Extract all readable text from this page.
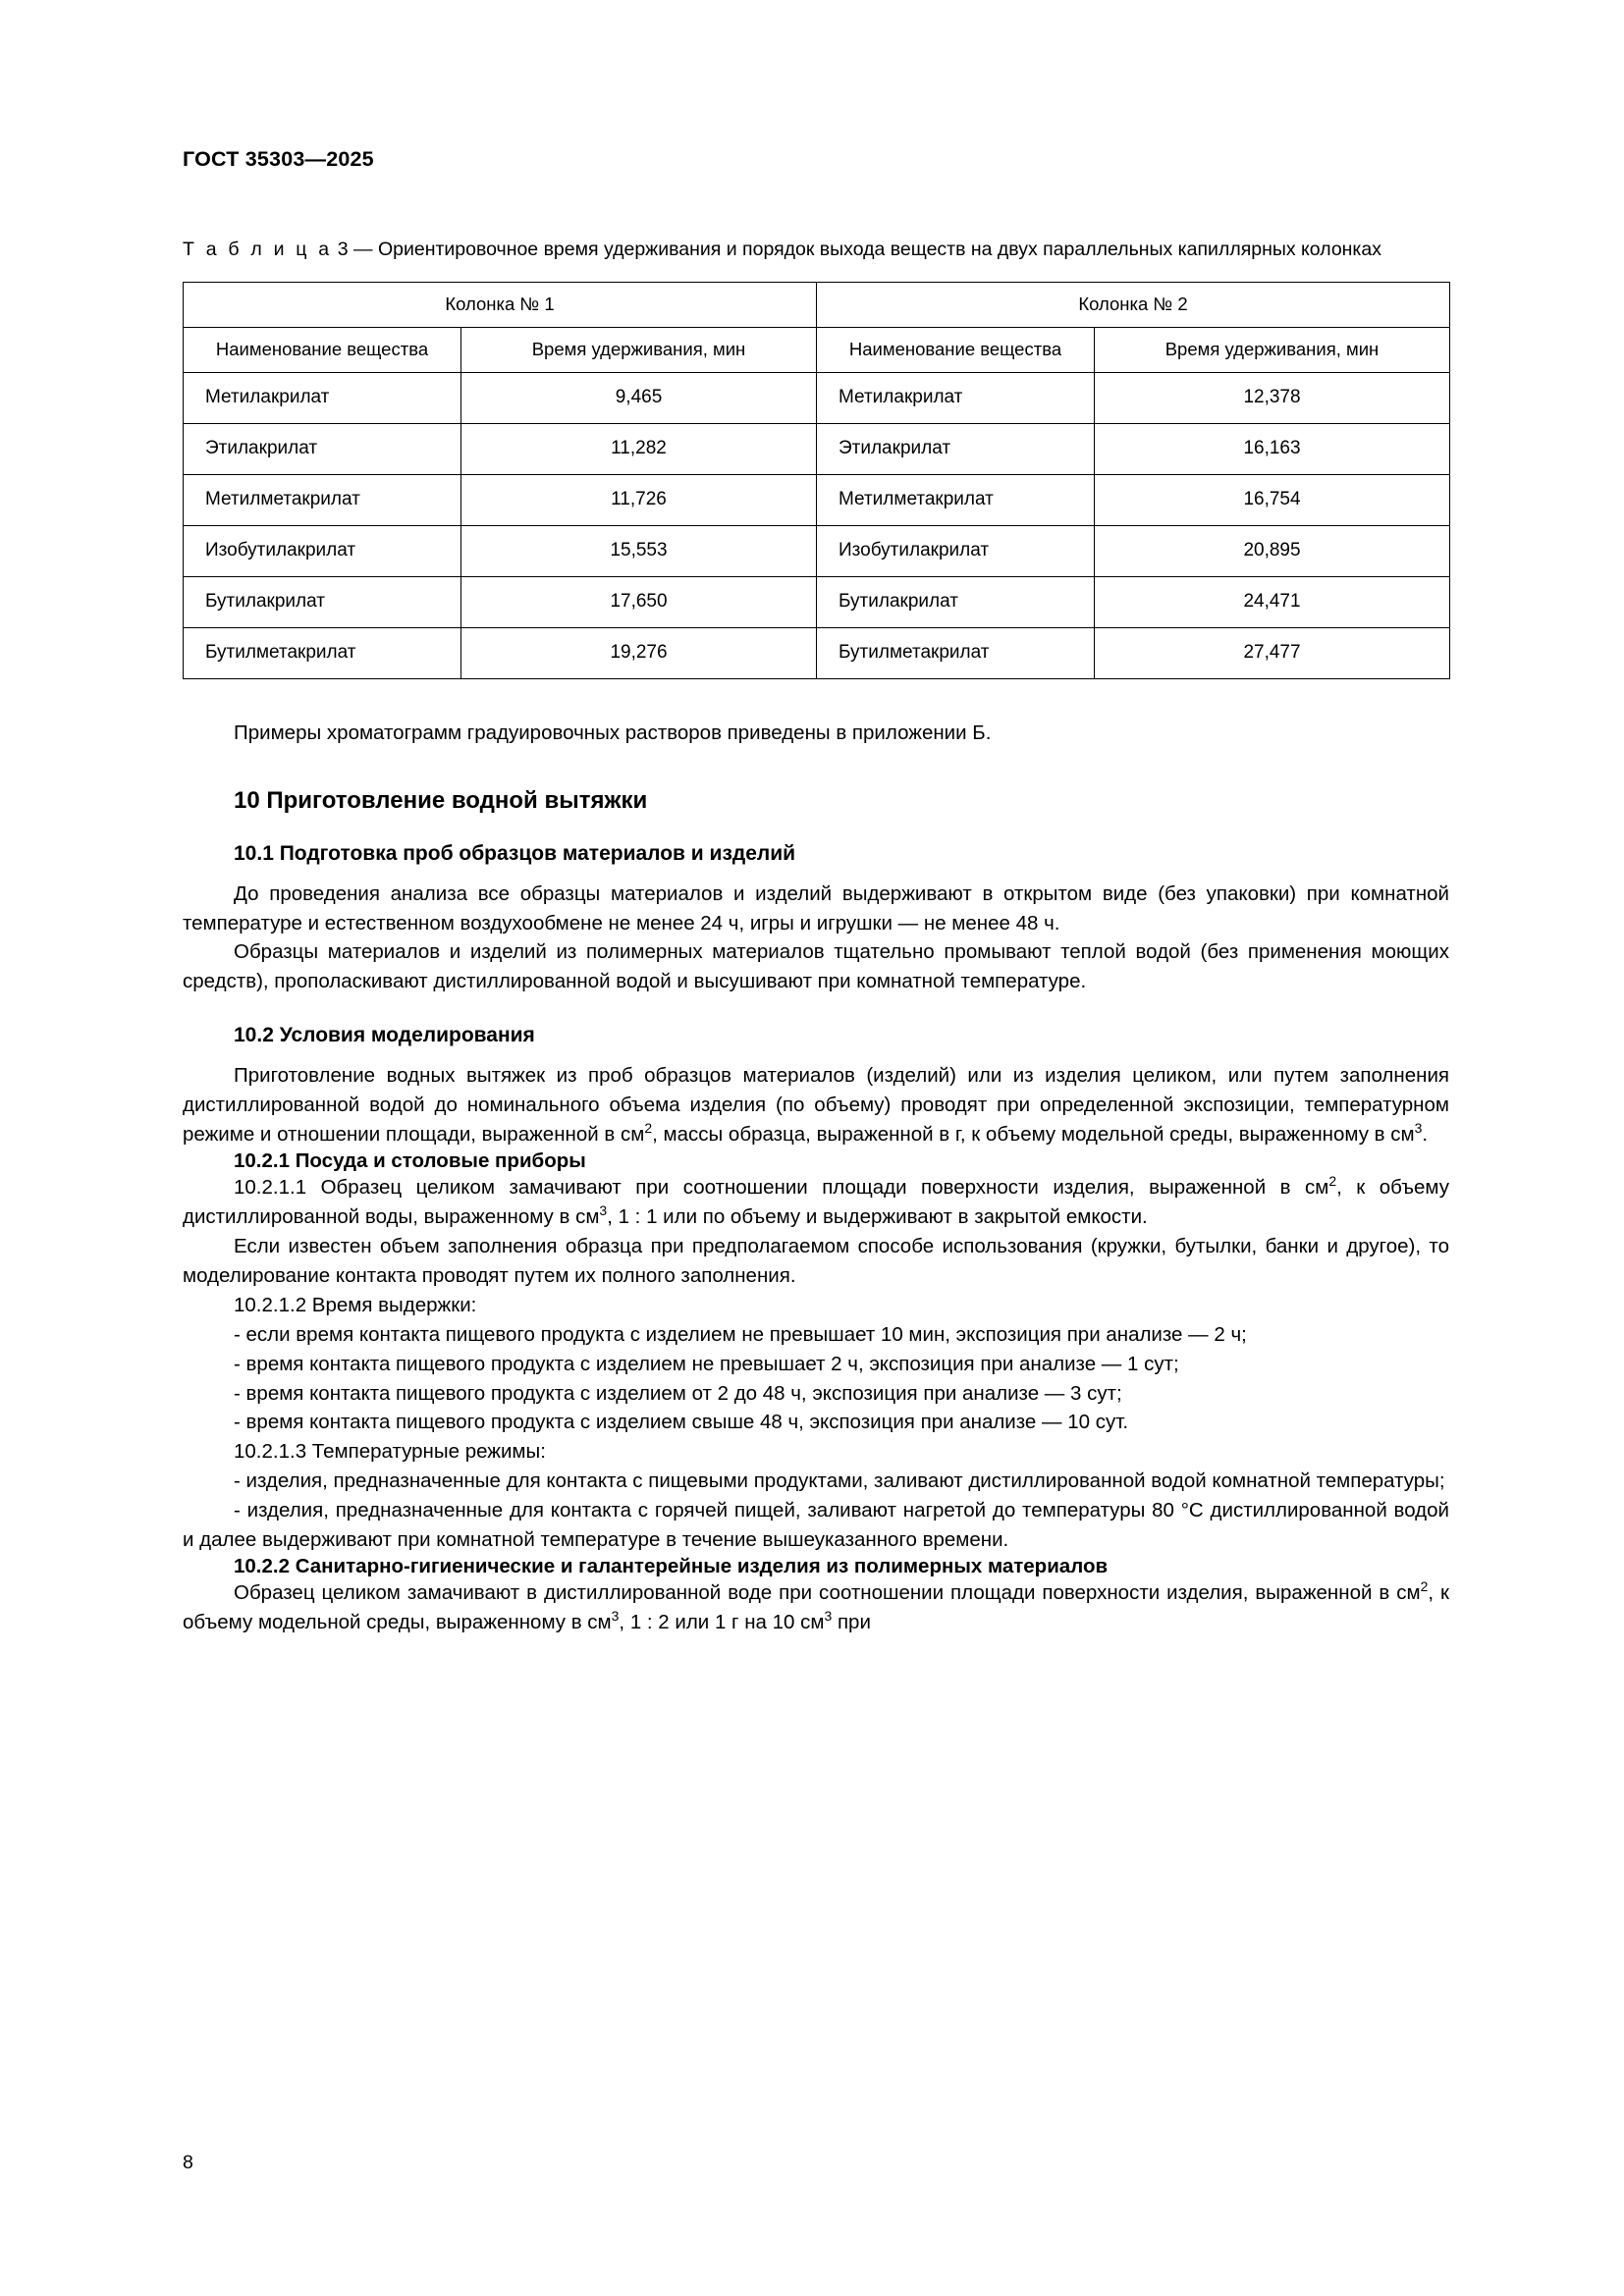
ГОСТ 35303—2025
Т а б л и ц а 3 — Ориентировочное время удерживания и порядок выхода веществ на двух параллельных капиллярных колонках
Колонка № 1		Колонка № 2	
Наименование вещества	Время удерживания, мин	Наименование вещества	Время удерживания, мин
Метилакрилат	9,465	Метилакрилат	12,378
Этилакрилат	11,282	Этилакрилат	16,163
Метилметакрилат	11,726	Метилметакрилат	16,754
Изобутилакрилат	15,553	Изобутилакрилат	20,895
Бутилакрилат	17,650	Бутилакрилат	24,471
Бутилметакрилат	19,276	Бутилметакрилат	27,477

Примеры хроматограмм градуировочных растворов приведены в приложении Б.

10 Приготовление водной вытяжки
10.1 Подготовка проб образцов материалов и изделий

До проведения анализа все образцы материалов и изделий выдерживают в открытом виде (без упаковки) при комнатной температуре и естественном воздухообмене не менее 24 ч, игры и игрушки — не менее 48 ч.

Образцы материалов и изделий из полимерных материалов тщательно промывают теплой водой (без применения моющих средств), прополаскивают дистиллированной водой и высушивают при комнатной температуре.

10.2 Условия моделирования

Приготовление водных вытяжек из проб образцов материалов (изделий) или из изделия целиком, или путем заполнения дистиллированной водой до номинального объема изделия (по объему) проводят при определенной экспозиции, температурном режиме и отношении площади, выраженной в $см^2$, массы образца, выраженной в г, к объему модельной среды, выраженному в $см^3$.

10.2.1 Посуда и столовые приборы

10.2.1.1 Образец целиком замачивают при соотношении площади поверхности изделия, выраженной в $см^2$, к объему дистиллированной воды, выраженному в $см^3$, 1 : 1 или по объему и выдерживают в закрытой емкости.

Если известен объем заполнения образца при предполагаемом способе использования (кружки, бутылки, банки и другое), то моделирование контакта проводят путем их полного заполнения.

10.2.1.2 Время выдержки:

- если время контакта пищевого продукта с изделием не превышает 10 мин, экспозиция при анализе — 2 ч;

- время контакта пищевого продукта с изделием не превышает 2 ч, экспозиция при анализе — 1 сут;

- время контакта пищевого продукта с изделием от 2 до 48 ч, экспозиция при анализе — 3 сут;

- время контакта пищевого продукта с изделием свыше 48 ч, экспозиция при анализе — 10 сут.

10.2.1.3 Температурные режимы:

- изделия, предназначенные для контакта с пищевыми продуктами, заливают дистиллированной водой комнатной температуры;

- изделия, предназначенные для контакта с горячей пищей, заливают нагретой до температуры 80 °С дистиллированной водой и далее выдерживают при комнатной температуре в течение вышеуказанного времени.

10.2.2 Санитарно-гигиенические и галантерейные изделия из полимерных материалов

Образец целиком замачивают в дистиллированной воде при соотношении площади поверхности изделия, выраженной в $см^2$, к объему модельной среды, выраженному в $см^3$, 1 : 2 или 1 г на 10 $см^3$ при

8
